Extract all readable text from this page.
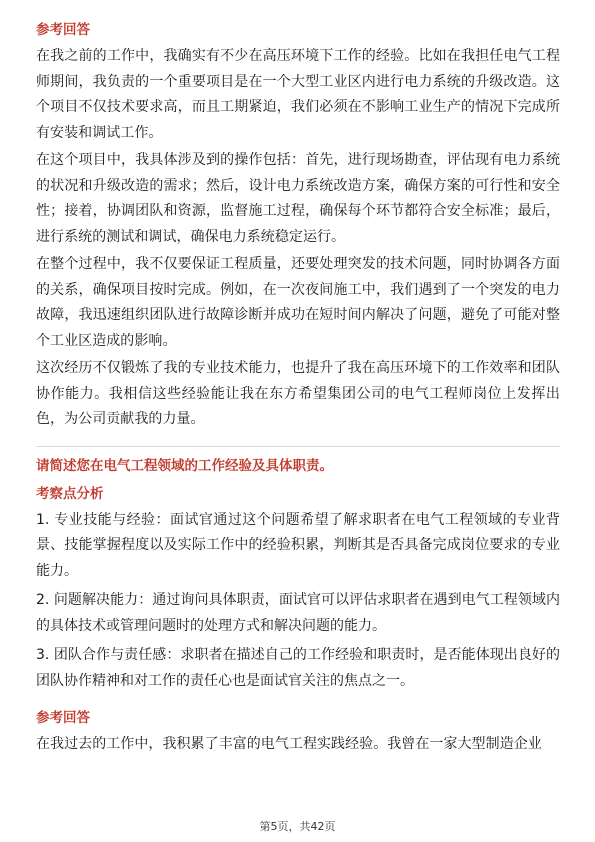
参考回答

在我之前的工作中，我确实有不少在高压环境下工作的经验。比如在我担任电气工程师期间，我负责的一个重要项目是在一个大型工业区内进行电力系统的升级改造。这个项目不仅技术要求高，而且工期紧迫，我们必须在不影响工业生产的情况下完成所有安装和调试工作。

在这个项目中，我具体涉及到的操作包括：首先，进行现场勘查，评估现有电力系统的状况和升级改造的需求；然后，设计电力系统改造方案，确保方案的可行性和安全性；接着，协调团队和资源，监督施工过程，确保每个环节都符合安全标准；最后，进行系统的测试和调试，确保电力系统稳定运行。

在整个过程中，我不仅要保证工程质量，还要处理突发的技术问题，同时协调各方面的关系，确保项目按时完成。例如，在一次夜间施工中，我们遇到了一个突发的电力故障，我迅速组织团队进行故障诊断并成功在短时间内解决了问题，避免了可能对整个工业区造成的影响。

这次经历不仅锻炼了我的专业技术能力，也提升了我在高压环境下的工作效率和团队协作能力。我相信这些经验能让我在东方希望集团公司的电气工程师岗位上发挥出色，为公司贡献我的力量。

请简述您在电气工程领域的工作经验及具体职责。
考察点分析
1. 专业技能与经验：面试官通过这个问题希望了解求职者在电气工程领域的专业背景、技能掌握程度以及实际工作中的经验积累，判断其是否具备完成岗位要求的专业能力。
2. 问题解决能力：通过询问具体职责，面试官可以评估求职者在遇到电气工程领域内的具体技术或管理问题时的处理方式和解决问题的能力。
3. 团队合作与责任感：求职者在描述自己的工作经验和职责时，是否能体现出良好的团队协作精神和对工作的责任心也是面试官关注的焦点之一。
参考回答

在我过去的工作中，我积累了丰富的电气工程实践经验。我曾在一家大型制造企业

第5页，共42页
